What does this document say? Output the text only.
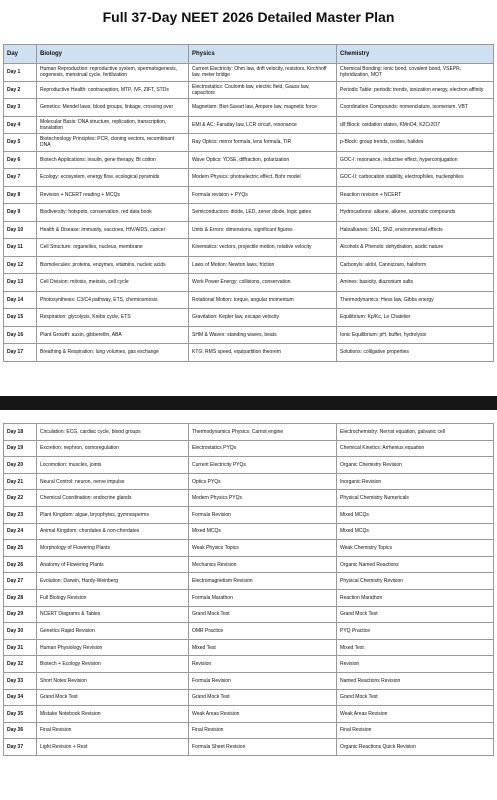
Full 37-Day NEET 2026 Detailed Master Plan
Day	Biology	Physics	Chemistry
Day 1	Human Reproduction: reproductive system, spermatogenesis, oogenesis, menstrual cycle, fertilization	Current Electricity: Ohm law, drift velocity, resistors, Kirchhoff law, meter bridge	Chemical Bonding: ionic bond, covalent bond, VSEPR, hybridization, MOT
Day 2	Reproductive Health: contraception, MTP, IVF, ZIFT, STDs	Electrostatics: Coulomb law, electric field, Gauss law, capacitors	Periodic Table: periodic trends, ionization energy, electron affinity
Day 3	Genetics: Mendel laws, blood groups, linkage, crossing over	Magnetism: Biot-Savart law, Ampere law, magnetic force	Coordination Compounds: nomenclature, isomerism, VBT
Day 4	Molecular Basis: DNA structure, replication, transcription, translation	EMI & AC: Faraday law, LCR circuit, resonance	d/f Block: oxidation states, KMnO4, K2Cr2O7
Day 5	Biotechnology Principles: PCR, cloning vectors, recombinant DNA	Ray Optics: mirror formula, lens formula, TIR	p-Block: group trends, oxides, halides
Day 6	Biotech Applications: insulin, gene therapy, Bt cotton	Wave Optics: YDSE, diffraction, polarization	GOC-I: resonance, inductive effect, hyperconjugation
Day 7	Ecology: ecosystem, energy flow, ecological pyramids	Modern Physics: photoelectric effect, Bohr model	GOC-II: carbocation stability, electrophiles, nucleophiles
Day 8	Revision + NCERT reading + MCQs	Formula revision + PYQs	Reaction revision + NCERT
Day 9	Biodiversity: hotspots, conservation, red data book	Semiconductors: diode, LED, zener diode, logic gates	Hydrocarbons: alkane, alkene, aromatic compounds
Day 10	Health & Disease: immunity, vaccines, HIV/AIDS, cancer	Units & Errors: dimensions, significant figures	Haloalkanes: SN1, SN2, environmental effects
Day 11	Cell Structure: organelles, nucleus, membrane	Kinematics: vectors, projectile motion, relative velocity	Alcohols & Phenols: dehydration, acidic nature
Day 12	Biomolecules: proteins, enzymes, vitamins, nucleic acids	Laws of Motion: Newton laws, friction	Carbonyls: aldol, Cannizzaro, haloform
Day 13	Cell Division: mitosis, meiosis, cell cycle	Work Power Energy: collisions, conservation	Amines: basicity, diazonium salts
Day 14	Photosynthesis: C3/C4 pathway, ETS, chemiosmosis	Rotational Motion: torque, angular momentum	Thermodynamics: Hess law, Gibbs energy
Day 15	Respiration: glycolysis, Krebs cycle, ETS	Gravitation: Kepler law, escape velocity	Equilibrium: Kp/Kc, Le Chatelier
Day 16	Plant Growth: auxin, gibberellin, ABA	SHM & Waves: standing waves, beats	Ionic Equilibrium: pH, buffer, hydrolysis
Day 17	Breathing & Respiration: lung volumes, gas exchange	KTG: RMS speed, equipartition theorem	Solutions: colligative properties
Day 18	Circulation: ECG, cardiac cycle, blood groups	Thermodynamics Physics: Carnot engine	Electrochemistry: Nernst equation, galvanic cell
Day 19	Excretion: nephron, osmoregulation	Electrostatics PYQs	Chemical Kinetics: Arrhenius equation
Day 20	Locomotion: muscles, joints	Current Electricity PYQs	Organic Chemistry Revision
Day 21	Neural Control: neuron, nerve impulse	Optics PYQs	Inorganic Revision
Day 22	Chemical Coordination: endocrine glands	Modern Physics PYQs	Physical Chemistry Numericals
Day 23	Plant Kingdom: algae, bryophytes, gymnosperms	Formula Revision	Mixed MCQs
Day 24	Animal Kingdom: chordates & non-chordates	Mixed MCQs	Mixed MCQs
Day 25	Morphology of Flowering Plants	Weak Physics Topics	Weak Chemistry Topics
Day 26	Anatomy of Flowering Plants	Mechanics Revision	Organic Named Reactions
Day 27	Evolution: Darwin, Hardy-Weinberg	Electromagnetism Revision	Physical Chemistry Revision
Day 28	Full Biology Revision	Formula Marathon	Reaction Marathon
Day 29	NCERT Diagrams & Tables	Grand Mock Test	Grand Mock Test
Day 30	Genetics Rapid Revision	OMR Practice	PYQ Practice
Day 31	Human Physiology Revision	Mixed Test	Mixed Test
Day 32	Biotech + Ecology Revision	Revision	Revision
Day 33	Short Notes Revision	Formula Revision	Named Reactions Revision
Day 34	Grand Mock Test	Grand Mock Test	Grand Mock Test
Day 35	Mistake Notebook Revision	Weak Areas Revision	Weak Areas Revision
Day 36	Final Revision	Final Revision	Final Revision
Day 37	Light Revision + Rest	Formula Sheet Revision	Organic Reactions Quick Revision
